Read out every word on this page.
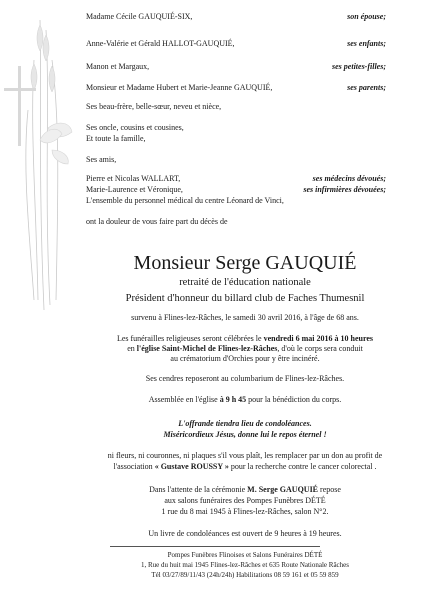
Madame Cécile GAUQUIÉ-SIX,	son épouse;
Anne-Valérie et Gérald HALLOT-GAUQUIÉ,	ses enfants;
Manon et Margaux,	ses petites-filles;
Monsieur et Madame Hubert et Marie-Jeanne GAUQUIÉ,	ses parents;
Ses beau-frère, belle-sœur, neveu et nièce,
Ses oncle, cousins et cousines,
Et toute la famille,
Ses amis,
Pierre et Nicolas WALLART,	ses médecins dévoués;
Marie-Laurence et Véronique,	ses infirmières dévouées;
L'ensemble du personnel médical du centre Léonard de Vinci,
ont la douleur de vous faire part du décès de
Monsieur Serge GAUQUIÉ
retraité de l'éducation nationale
Président d'honneur du billard club de Faches Thumesnil
survenu à Flines-lez-Râches, le samedi 30 avril 2016, à l'âge de 68 ans.
Les funérailles religieuses seront célébrées le vendredi 6 mai 2016 à 10 heures
en l'église Saint-Michel de Flines-lez-Râches, d'où le corps sera conduit
au crématorium d'Orchies pour y être incinéré.
Ses cendres reposeront au columbarium de Flines-lez-Râches.
Assemblée en l'église à 9 h 45 pour la bénédiction du corps.
L'offrande tiendra lieu de condoléances.
Miséricordieux Jésus, donne lui le repos éternel !
ni fleurs, ni couronnes, ni plaques s'il vous plaît, les remplacer par un don au profit de
l'association « Gustave ROUSSY » pour la recherche contre le cancer colorectal .
Dans l'attente de la cérémonie M. Serge GAUQUIÉ repose
aux salons funéraires des Pompes Funèbres DÉTÉ
1 rue du 8 mai 1945 à Flines-lez-Râches, salon N°2.
Un livre de condoléances est ouvert de 9 heures à 19 heures.
Pompes Funèbres Flinoises et Salons Funéraires DÉTÉ
1, Rue du huit mai 1945 Flines-lez-Râches et 635 Route Nationale Râches
Tél 03/27/89/11/43 (24h/24h) Habilitations 08 59 161 et 05 59 859
